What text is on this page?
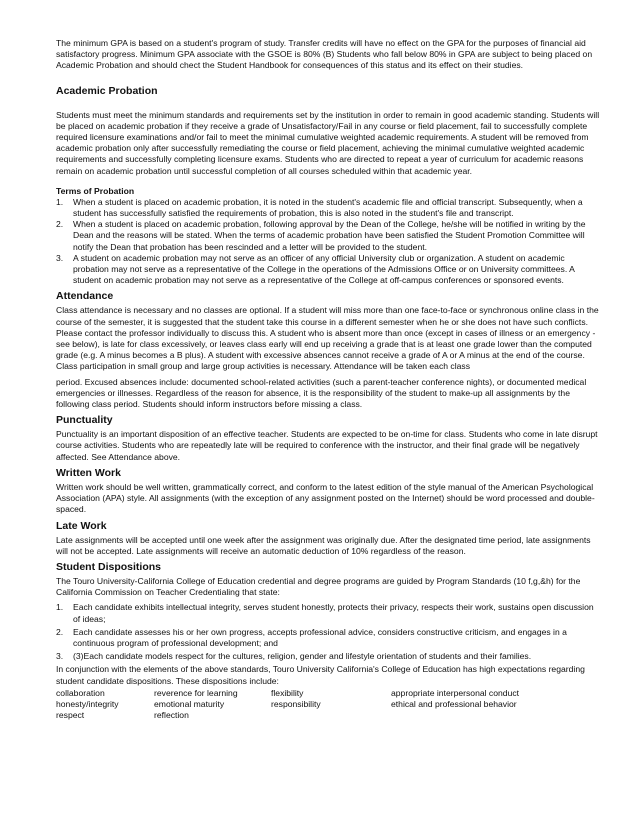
The minimum GPA is based on a student's program of study. Transfer credits will have no effect on the GPA for the purposes of financial aid satisfactory progress. Minimum GPA associate with the GSOE is 80% (B) Students who fall below 80% in GPA are subject to being placed on Academic Probation and should chect the Student Handbook for consequences of this status and its effect on their studies.

Academic Probation

Students must meet the minimum standards and requirements set by the institution in order to remain in good academic standing. Students will be placed on academic probation if they receive a grade of Unsatisfactory/Fail in any course or field placement, fail to successfully complete required licensure examinations and/or fail to meet the minimal cumulative weighted academic requirements. A student will be removed from academic probation only after successfully remediating the course or field placement, achieving the minimal cumulative weighted academic requirements and successfully completing licensure exams. Students who are directed to repeat a year of curriculum for academic reasons remain on academic probation until successful completion of all courses scheduled within that academic year.

Terms of Probation
1. When a student is placed on academic probation, it is noted in the student's academic file and official transcript. Subsequently, when a student has successfully satisfied the requirements of probation, this is also noted in the student's file and transcript.
2. When a student is placed on academic probation, following approval by the Dean of the College, he/she will be notified in writing by the Dean and the reasons will be stated. When the terms of academic probation have been satisfied the Student Promotion Committee will notify the Dean that probation has been rescinded and a letter will be provided to the student.
3. A student on academic probation may not serve as an officer of any official University club or organization. A student on academic probation may not serve as a representative of the College in the operations of the Admissions Office or on University committees. A student on academic probation may not serve as a representative of the College at off-campus conferences or sponsored events.
Attendance

Class attendance is necessary and no classes are optional. If a student will miss more than one face-to-face or synchronous online class in the course of the semester, it is suggested that the student take this course in a different semester when he or she does not have such conflicts. Please contact the professor individually to discuss this. A student who is absent more than once (except in cases of illness or an emergency - see below), is late for class excessively, or leaves class early will end up receiving a grade that is at least one grade lower than the computed grade (e.g. A minus becomes a B plus). A student with excessive absences cannot receive a grade of A or A minus at the end of the course. Class participation in small group and large group activities is necessary. Attendance will be taken each class

period. Excused absences include: documented school-related activities (such a parent-teacher conference nights), or documented medical emergencies or illnesses. Regardless of the reason for absence, it is the responsibility of the student to make-up all assignments by the following class period. Students should inform instructors before missing a class.

Punctuality

Punctuality is an important disposition of an effective teacher. Students are expected to be on-time for class. Students who come in late disrupt course activities. Students who are repeatedly late will be required to conference with the instructor, and their final grade will be negatively affected. See Attendance above.

Written Work

Written work should be well written, grammatically correct, and conform to the latest edition of the style manual of the American Psychological Association (APA) style. All assignments (with the exception of any assignment posted on the Internet) should be word processed and double-spaced.

Late Work

Late assignments will be accepted until one week after the assignment was originally due. After the designated time period, late assignments will not be accepted. Late assignments will receive an automatic deduction of 10% regardless of the reason.

Student Dispositions

The Touro University-California College of Education credential and degree programs are guided by Program Standards (10 f,g,&h) for the California Commission on Teacher Credentialing that state:

1. Each candidate exhibits intellectual integrity, serves student honestly, protects their privacy, respects their work, sustains open discussion of ideas;
2. Each candidate assesses his or her own progress, accepts professional advice, considers constructive criticism, and engages in a continuous program of professional development; and
3. (3)Each candidate models respect for the cultures, religion, gender and lifestyle orientation of students and their families.

In conjunction with the elements of the above standards, Touro University California's College of Education has high expectations regarding student candidate dispositions. These dispositions include:

collaboration	reverence for learning	flexibility	appropriate interpersonal conduct
honesty/integrity	emotional maturity	responsibility	ethical and professional behavior
respect	reflection
